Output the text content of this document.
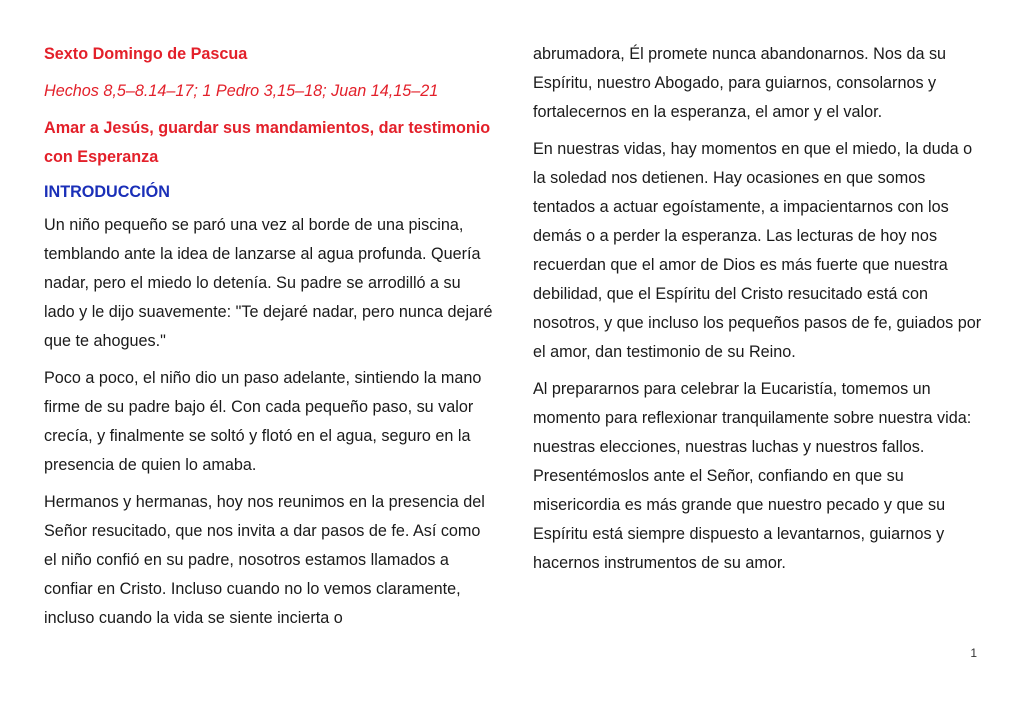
Sexto Domingo de Pascua

Hechos 8,5–8.14–17; 1 Pedro 3,15–18; Juan 14,15–21

Amar a Jesús, guardar sus mandamientos, dar testimonio con Esperanza

INTRODUCCIÓN

Un niño pequeño se paró una vez al borde de una piscina, temblando ante la idea de lanzarse al agua profunda. Quería nadar, pero el miedo lo detenía. Su padre se arrodilló a su lado y le dijo suavemente: "Te dejaré nadar, pero nunca dejaré que te ahogues."

Poco a poco, el niño dio un paso adelante, sintiendo la mano firme de su padre bajo él. Con cada pequeño paso, su valor crecía, y finalmente se soltó y flotó en el agua, seguro en la presencia de quien lo amaba.

Hermanos y hermanas, hoy nos reunimos en la presencia del Señor resucitado, que nos invita a dar pasos de fe. Así como el niño confió en su padre, nosotros estamos llamados a confiar en Cristo. Incluso cuando no lo vemos claramente, incluso cuando la vida se siente incierta o

abrumadora, Él promete nunca abandonarnos. Nos da su Espíritu, nuestro Abogado, para guiarnos, consolarnos y fortalecernos en la esperanza, el amor y el valor.

En nuestras vidas, hay momentos en que el miedo, la duda o la soledad nos detienen. Hay ocasiones en que somos tentados a actuar egoístamente, a impacientarnos con los demás o a perder la esperanza. Las lecturas de hoy nos recuerdan que el amor de Dios es más fuerte que nuestra debilidad, que el Espíritu del Cristo resucitado está con nosotros, y que incluso los pequeños pasos de fe, guiados por el amor, dan testimonio de su Reino.

Al prepararnos para celebrar la Eucaristía, tomemos un momento para reflexionar tranquilamente sobre nuestra vida: nuestras elecciones, nuestras luchas y nuestros fallos. Presentémoslos ante el Señor, confiando en que su misericordia es más grande que nuestro pecado y que su Espíritu está siempre dispuesto a levantarnos, guiarnos y hacernos instrumentos de su amor.

1
